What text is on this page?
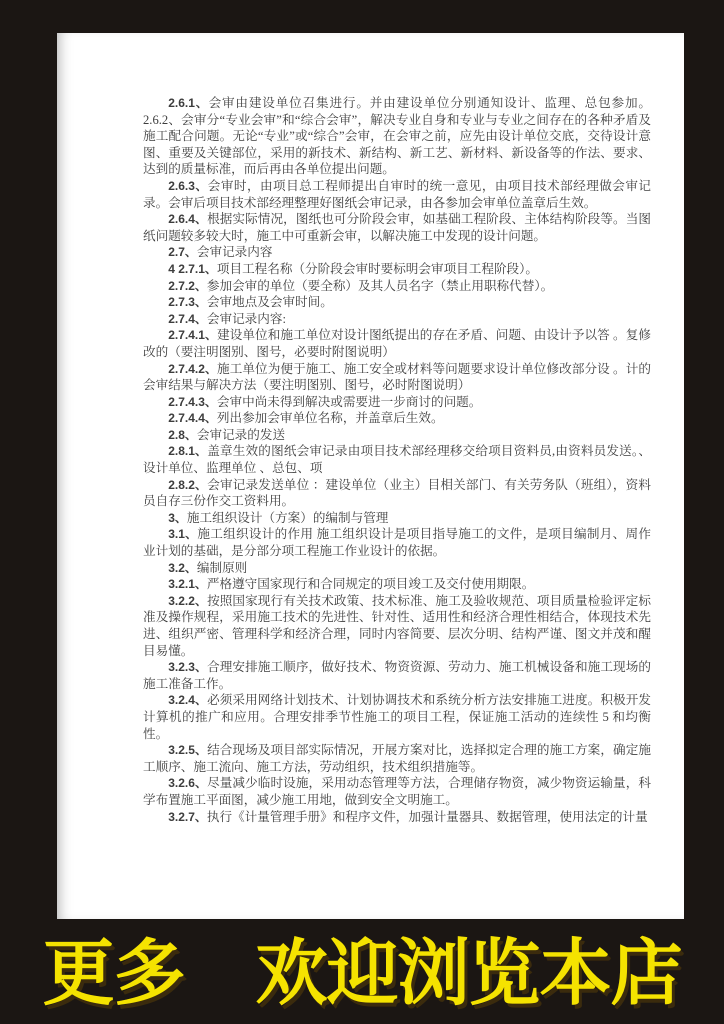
2.6.1、会审由建设单位召集进行。并由建设单位分别通知设计、监理、总包参加。 2.6.2、会审分“专业会审”和“综合会审”，解决专业自身和专业与专业之间存在的各种矛盾及施工配合问题。无论“专业”或“综合”会审，在会审之前，应先由设计单位交底，交待设计意图、重要及关键部位，采用的新技术、新结构、新工艺、新材料、新设备等的作法、要求、达到的质量标准，而后再由各单位提出问题。

2.6.3、会审时，由项目总工程师提出自审时的统一意见，由项目技术部经理做会审记录。会审后项目技术部经理整理好图纸会审记录，由各参加会审单位盖章后生效。

2.6.4、根据实际情况，图纸也可分阶段会审，如基础工程阶段、主体结构阶段等。当图纸问题较多较大时，施工中可重新会审，以解决施工中发现的设计问题。

2.7、会审记录内容

4 2.7.1、项目工程名称（分阶段会审时要标明会审项目工程阶段）。

2.7.2、参加会审的单位（要全称）及其人员名字（禁止用职称代替）。

2.7.3、会审地点及会审时间。

2.7.4、会审记录内容:

2.7.4.1、建设单位和施工单位对设计图纸提出的存在矛盾、问题、由设计予以答 。复修改的（要注明图别、图号，必要时附图说明）

2.7.4.2、施工单位为便于施工、施工安全或材料等问题要求设计单位修改部分设 。计的会审结果与解决方法（要注明图别、图号，必时附图说明）

2.7.4.3、会审中尚未得到解决或需要进一步商讨的问题。

2.7.4.4、列出参加会审单位名称，并盖章后生效。

2.8、会审记录的发送

2.8.1、盖章生效的图纸会审记录由项目技术部经理移交给项目资料员,由资料员发送。、设计单位、监理单位 、总包、项

2.8.2、会审记录发送单位 ：建设单位（业主）目相关部门、有关劳务队（班组），资料员自存三份作交工资料用。

3、施工组织设计（方案）的编制与管理

3.1、施工组织设计的作用 施工组织设计是项目指导施工的文件，是项目编制月、周作业计划的基础，是分部分项工程施工作业设计的依据。

3.2、编制原则

3.2.1、严格遵守国家现行和合同规定的项目竣工及交付使用期限。

3.2.2、按照国家现行有关技术政策、技术标准、施工及验收规范、项目质量检验评定标准及操作规程，采用施工技术的先进性、针对性、适用性和经济合理性相结合，体现技术先进、组织严密、管理科学和经济合理，同时内容简要、层次分明、结构严谨、图文并茂和醒目易懂。

3.2.3、合理安排施工顺序，做好技术、物资资源、劳动力、施工机械设备和施工现场的施工准备工作。

3.2.4、必须采用网络计划技术、计划协调技术和系统分析方法安排施工进度。积极开发计算机的推广和应用。合理安排季节性施工的项目工程，保证施工活动的连续性 5 和均衡性。

3.2.5、结合现场及项目部实际情况，开展方案对比，选择拟定合理的施工方案，确定施工顺序、施工流向、施工方法，劳动组织，技术组织措施等。

3.2.6、尽量减少临时设施，采用动态管理等方法，合理储存物资，减少物资运输量，科学布置施工平面图，减少施工用地，做到安全文明施工。

3.2.7、执行《计量管理手册》和程序文件，加强计量器具、数据管理，使用法定的计量

更多　欢迎浏览本店
